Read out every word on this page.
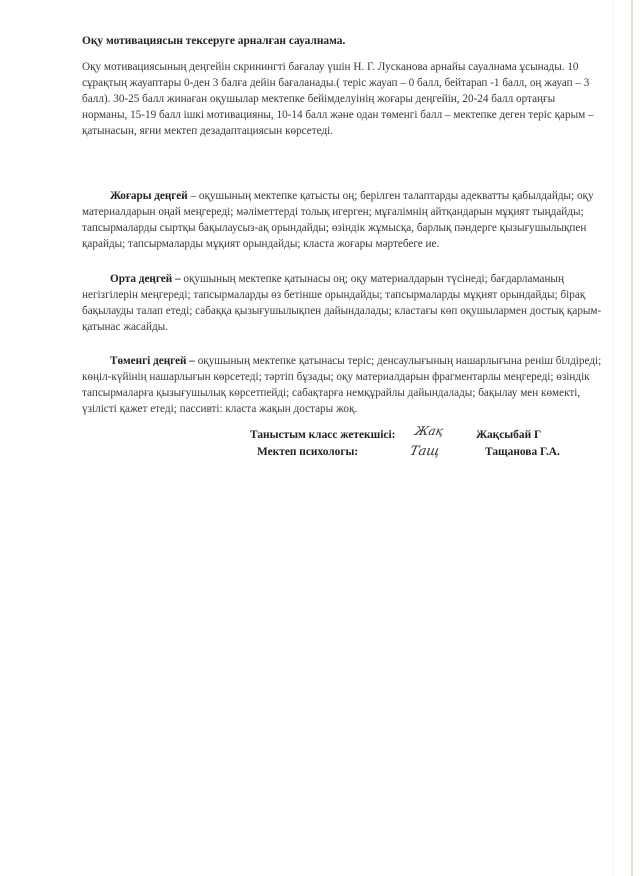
Оқу мотивациясын тексеруге арналған сауалнама.

Оқу мотивациясының деңгейін скринингті бағалау үшін Н. Г. Лусканова арнайы сауалнама ұсынады. 10 сұрақтың жауаптары 0-ден 3 балға дейін бағаланады.( теріс жауап – 0 балл, бейтарап -1 балл, оң жауап – 3 балл). 30-25 балл жинаған оқушылар мектепке бейімделуінің жоғары деңгейін, 20-24 балл ортаңғы норманы, 15-19 балл ішкі мотивацияны, 10-14 балл және одан төменгі балл – мектепке деген теріс қарым – қатынасын, яғни мектеп дезадаптациясын көрсетеді.

Жоғары деңгей – оқушының мектепке қатысты оң; берілген талаптарды адекватты қабылдайды; оқу материалдарын оңай меңгереді; мәліметтерді толық игерген; мұғалімнің айтқандарын мұқият тыңдайды; тапсырмаларды сыртқы бақылаусыз-ақ орындайды; өзіндік жұмысқа, барлық пәндерге қызығушылықпен қарайды; тапсырмаларды мұқият орындайды; класта жоғары мәртебеге ие.

Орта деңгей – оқушының мектепке қатынасы оң; оқу материалдарын түсінеді; бағдарламаның негізгілерін меңгереді; тапсырмаларды өз бетінше орындайды; тапсырмаларды мұқият орындайды; бірақ бақылауды талап етеді; сабаққа қызығушылықпен дайындалады; кластағы көп оқушылармен достық қарым-қатынас жасайды.

Төменгі деңгей – оқушының мектепке қатынасы теріс; денсаулығының нашарлығына реніш білдіреді; көңіл-күйінің нашарлығын көрсетеді; тәртіп бұзады; оқу материалдарын фрагментарлы меңгереді; өзіндік тапсырмаларға қызығушылық көрсетпейді; сабақтарға немқұрайлы дайындалады; бақылау мен көмекті, үзілісті қажет етеді; пассивті: класта жақын достары жоқ.

Таныстым класс жетекшісі: Жақ	Жақсыбай Г
Мектеп психологы:	Тащ	Тащанова Г.А.
